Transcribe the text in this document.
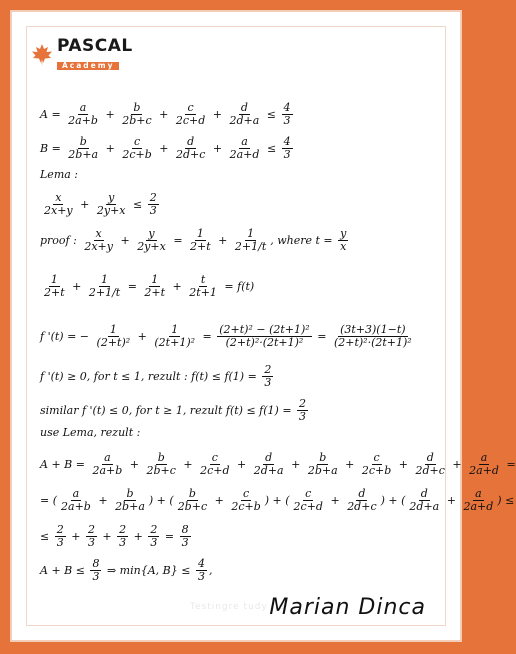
PASCAL
Academy
$A = \frac{a}{2a+b} + \frac{b}{2b+c} + \frac{c}{2c+d} + \frac{d}{2d+a} \le \frac{4}{3}$
$B = \frac{b}{2b+a} + \frac{c}{2c+b} + \frac{d}{2d+c} + \frac{a}{2a+d} \le \frac{4}{3}$
Lema :
$\frac{x}{2x+y} + \frac{y}{2y+x} \le \frac{2}{3}$
proof : $\frac{x}{2x+y} + \frac{y}{2y+x} = \frac{1}{2+t} + \frac{1}{2+1/t}$ , where $t = \frac{y}{x}$
$\frac{1}{2+t} + \frac{1}{2+1/t} = \frac{1}{2+t} + \frac{t}{2t+1} = f(t)$
f '(t) = − $\frac{1}{\text{(2+t)²}} + \frac{1}{\text{(2t+1)²}} = \frac{\text{(2+t)² − (2t+1)²}}{\text{(2+t)²·(2t+1)²}} = \frac{(3t+3)(1-t)}{\text{(2+t)²·(2t+1)²}}$
f '(t) ≥ 0, for t ≤ 1, rezult : $f(t) \le f(1) = \frac{2}{3}$
similar f '(t) ≤ 0, for t ≥ 1, rezult $f(t) \le f(1) = \frac{2}{3}$
use Lema, rezult :
$A + B = \frac{a}{2a+b} + \frac{b}{2b+c} + \frac{c}{2c+d} + \frac{d}{2d+a} + \frac{b}{2b+a} + \frac{c}{2c+b} + \frac{d}{2d+c} + \frac{a}{2a+d}$ =
= ( $\frac{a}{2a+b} + \frac{b}{2b+a}$ ) + ( $\frac{b}{2b+c} + \frac{c}{2c+b}$ ) + ( $\frac{c}{2c+d} + \frac{d}{2d+c}$ ) + ( $\frac{d}{2d+a} + \frac{a}{2a+d}$ ) ≤
≤ $\frac{2}{3} + \frac{2}{3} + \frac{2}{3} + \frac{2}{3} = \frac{8}{3}$
$A + B \le \frac{8}{3}$ ⇒ min{A, $B\} \le \frac{4}{3}$ ,
Testingre tudy ile
Marian Dinca
